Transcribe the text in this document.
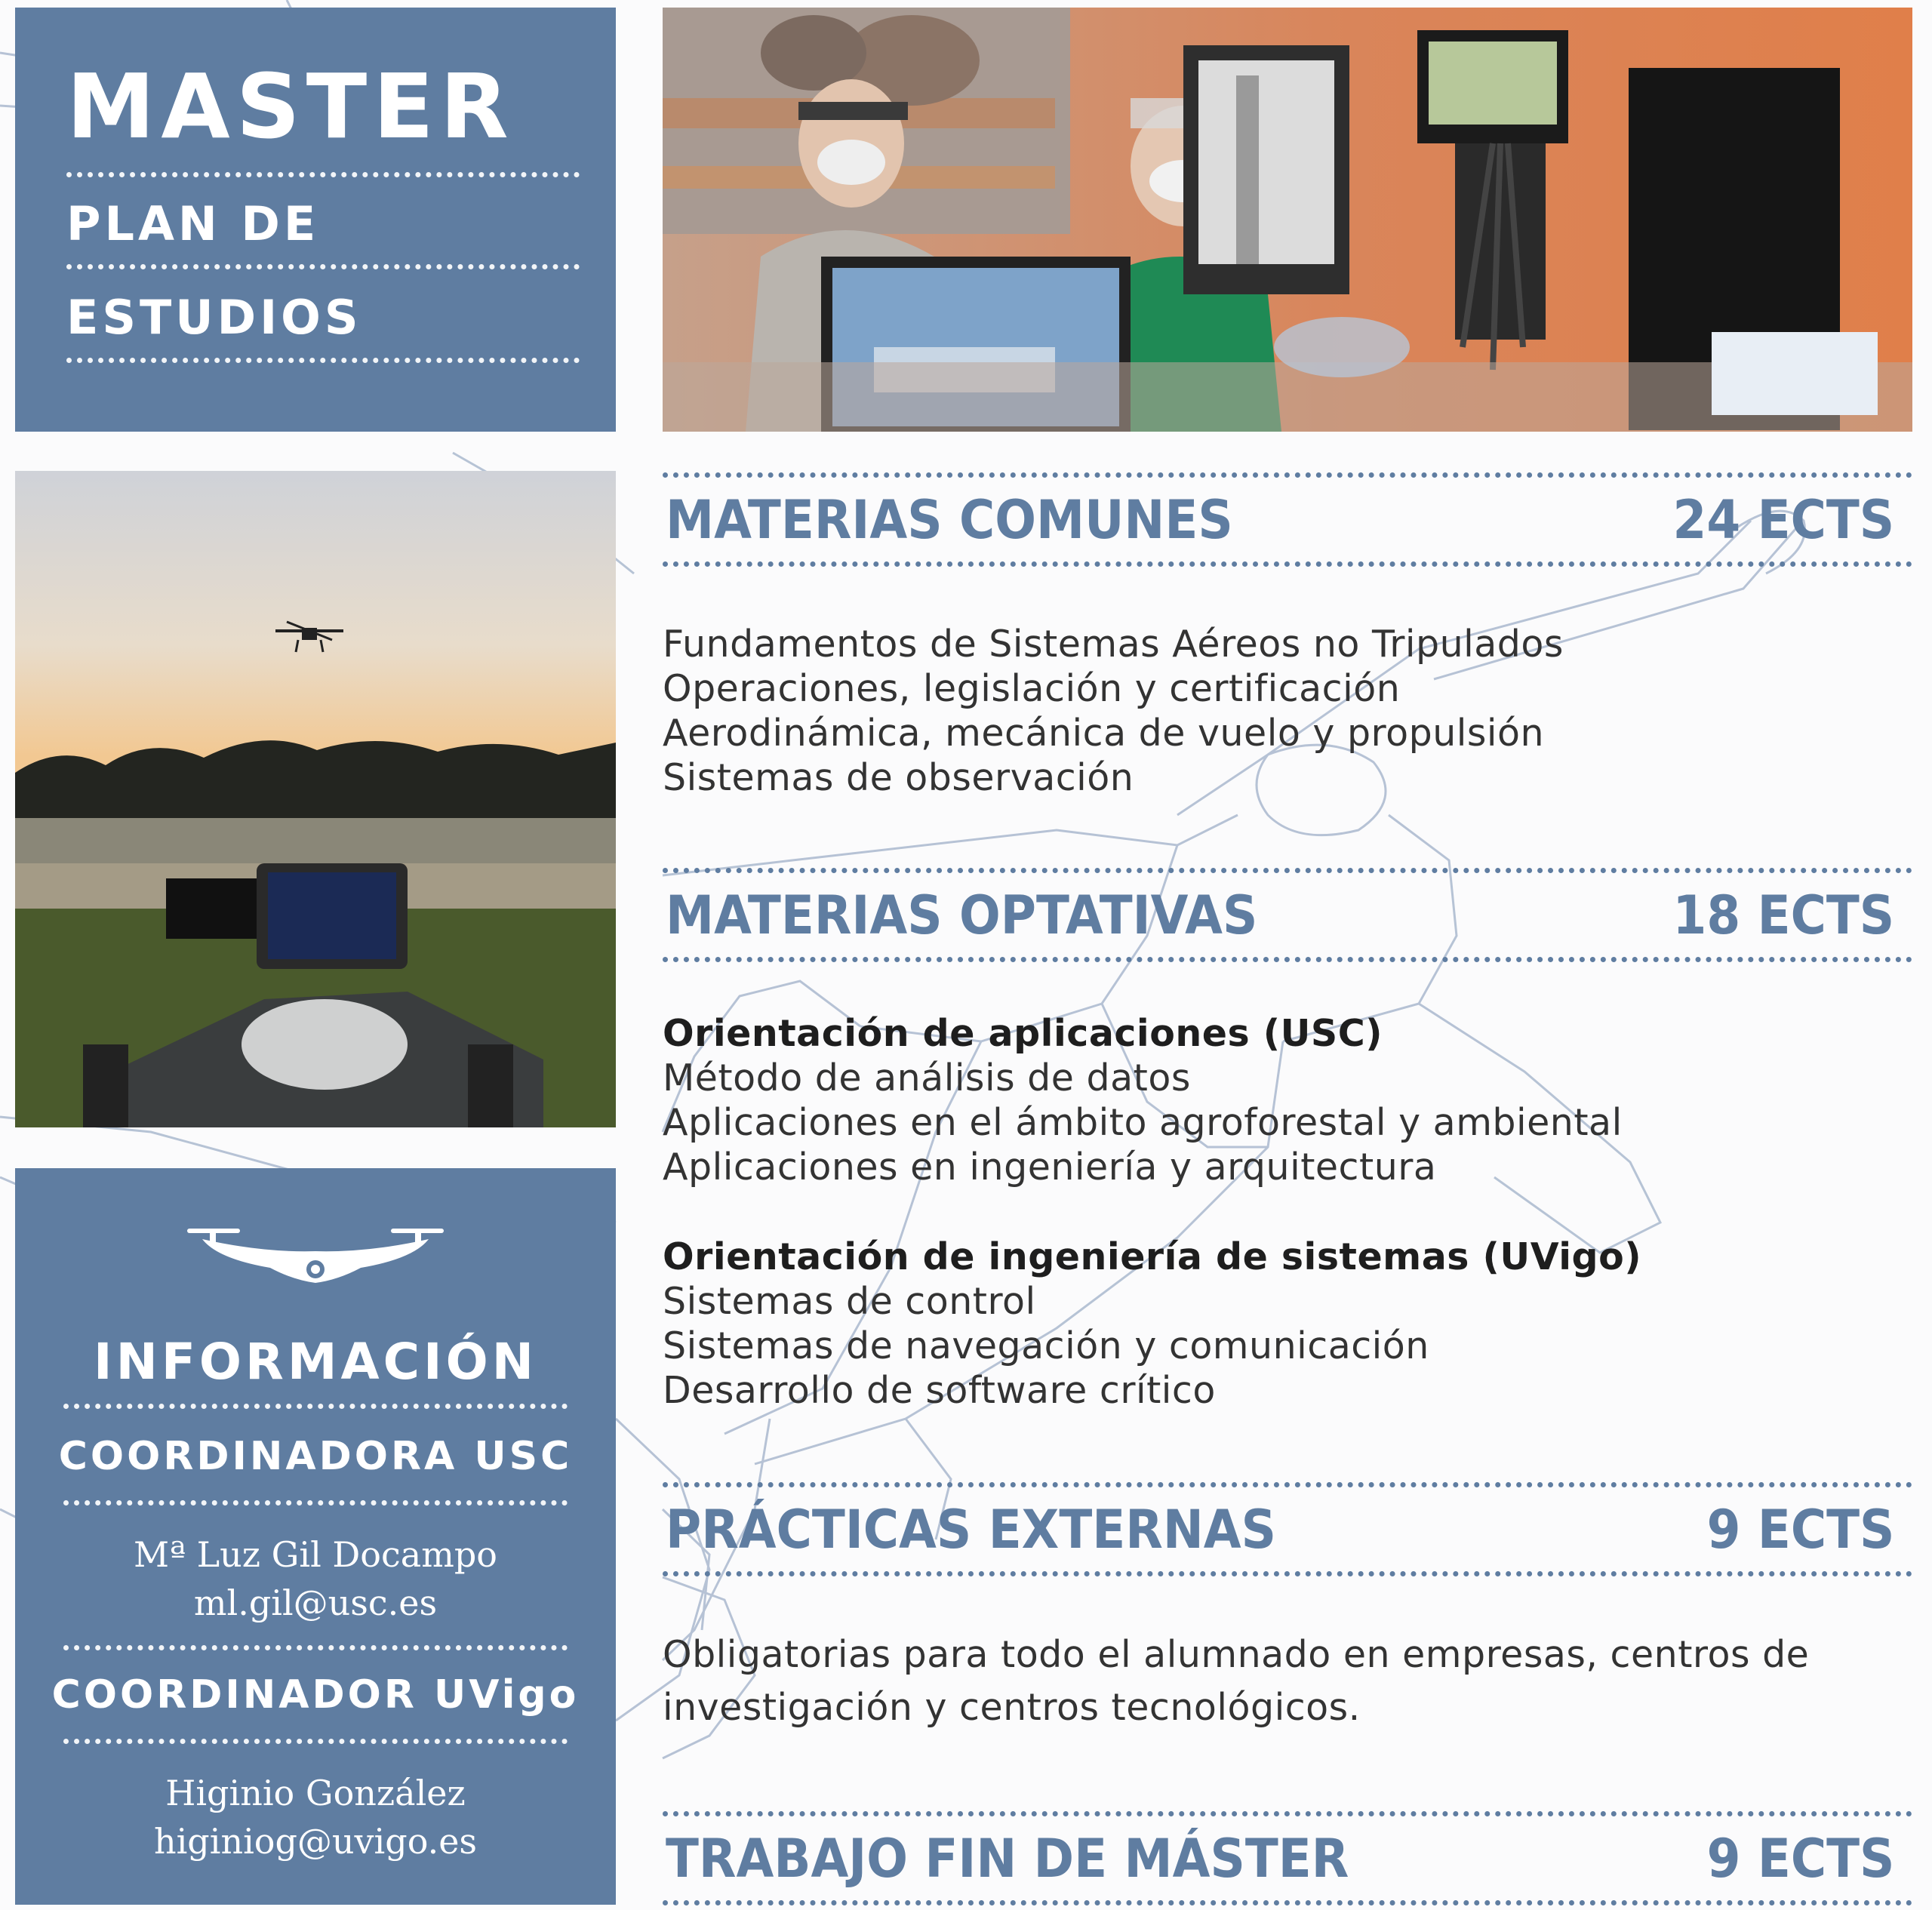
MASTER
PLAN DE
ESTUDIOS
INFORMACIÓN
COORDINADORA USC
Mª Luz Gil Docampo
ml.gil@usc.es
COORDINADOR UVigo
Higinio González
higiniog@uvigo.es
MATERIAS COMUNES	24 ECTS
Fundamentos de Sistemas Aéreos no Tripulados
Operaciones, legislación y certificación
Aerodinámica, mecánica de vuelo y propulsión
Sistemas de observación
MATERIAS OPTATIVAS	18 ECTS
Orientación de aplicaciones (USC)
Método de análisis de datos
Aplicaciones en el ámbito agroforestal y ambiental
Aplicaciones en ingeniería y arquitectura
Orientación de ingeniería de sistemas (UVigo)
Sistemas de control
Sistemas de navegación y comunicación
Desarrollo de software crítico
PRÁCTICAS EXTERNAS	9 ECTS
Obligatorias para todo el alumnado en empresas, centros de investigación y centros tecnológicos.
TRABAJO FIN DE MÁSTER	9 ECTS
